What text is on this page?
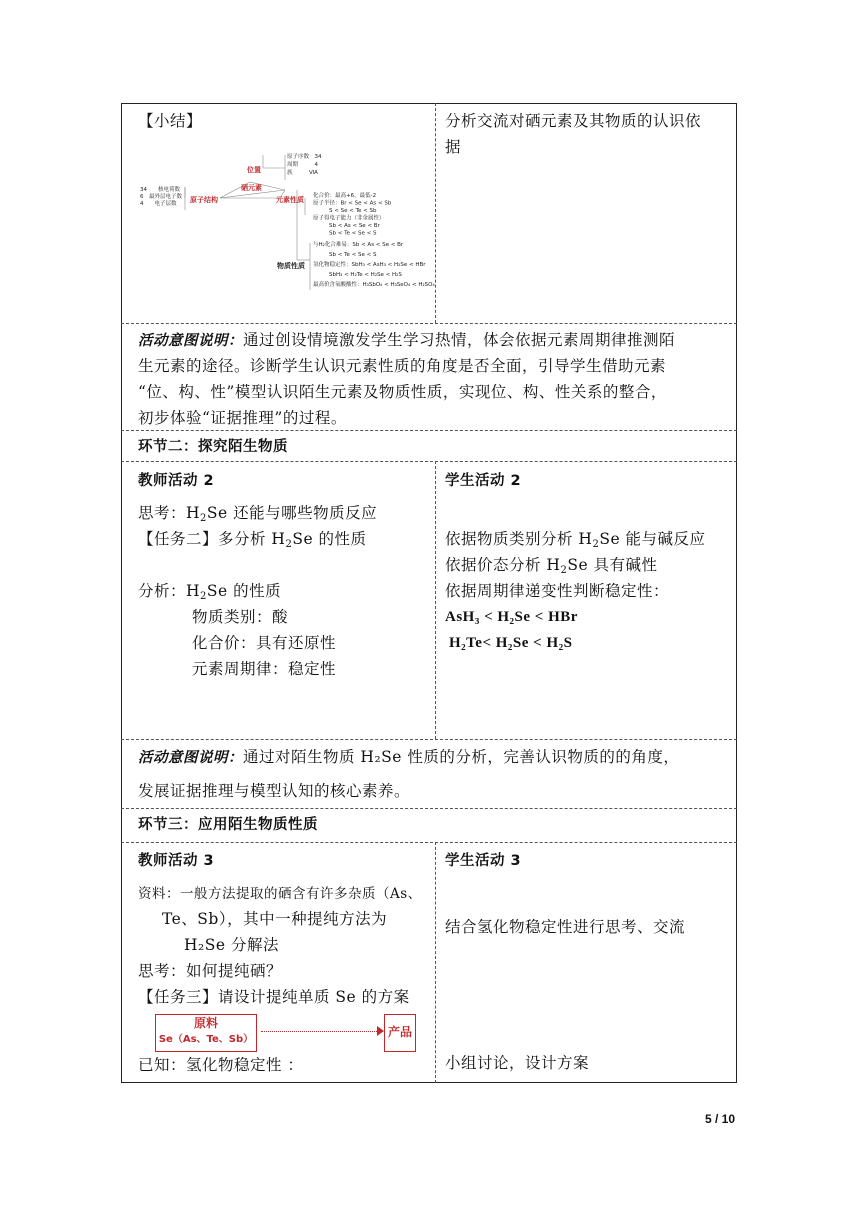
【小结】	分析交流对硒元素及其物质的认识依
据
位置
硒元素
原子结构	元素性质
物质性质
原子序数　34
周期　　　4
族　　　ⅥA
34　　核电荷数
6　最外层电子数
4　　电子层数
化合价：最高+6，最低-2
原子半径：Br < Se < As < Sb
S < Se < Te < Sb
原子得电子能力（非金属性）
Sb < As < Se < Br
Sb < Te < Se < S
与H₂化合难易：Sb < As < Se < Br
Sb < Te < Se < S
氢化物稳定性：SbH₃ < AsH₃ < H₂Se < HBr
SbH₃ < H₂Te < H₂Se < H₂S
最高价含氧酸酸性：H₃SbO₄ < H₃SeO₄ < H₂SO₄
活动意图说明：通过创设情境激发学生学习热情，体会依据元素周期律推测陌
生元素的途径。诊断学生认识元素性质的角度是否全面，引导学生借助元素
“位、构、性”模型认识陌生元素及物质性质，实现位、构、性关系的整合，
初步体验“证据推理”的过程。
环节二：探究陌生物质
教师活动 2
思考：$H_2Se$ 还能与哪些物质反应
【任务二】多分析 $H_2Se$ 的性质
分析：$H_2Se$ 的性质
物质类别：酸
化合价：具有还原性
元素周期律：稳定性
学生活动 2
依据物质类别分析 $H_2Se$ 能与碱反应
依据价态分析 $H_2Se$ 具有碱性
依据周期律递变性判断稳定性：
AsH₃ < H₂Se < HBr
H₂Te< H₂Se < H₂S
活动意图说明：通过对陌生物质 H₂Se 性质的分析，完善认识物质的的角度，
发展证据推理与模型认知的核心素养。
环节三：应用陌生物质性质
教师活动 3
资料：一般方法提取的硒含有许多杂质（As、
Te、Sb），其中一种提纯方法为
H₂Se 分解法
思考：如何提纯硒？
【任务三】请设计提纯单质 Se 的方案
原料
Se（As、Te、Sb）
产品
已知：氢化物稳定性 ：
学生活动 3
结合氢化物稳定性进行思考、交流
小组讨论，设计方案
5 / 10
